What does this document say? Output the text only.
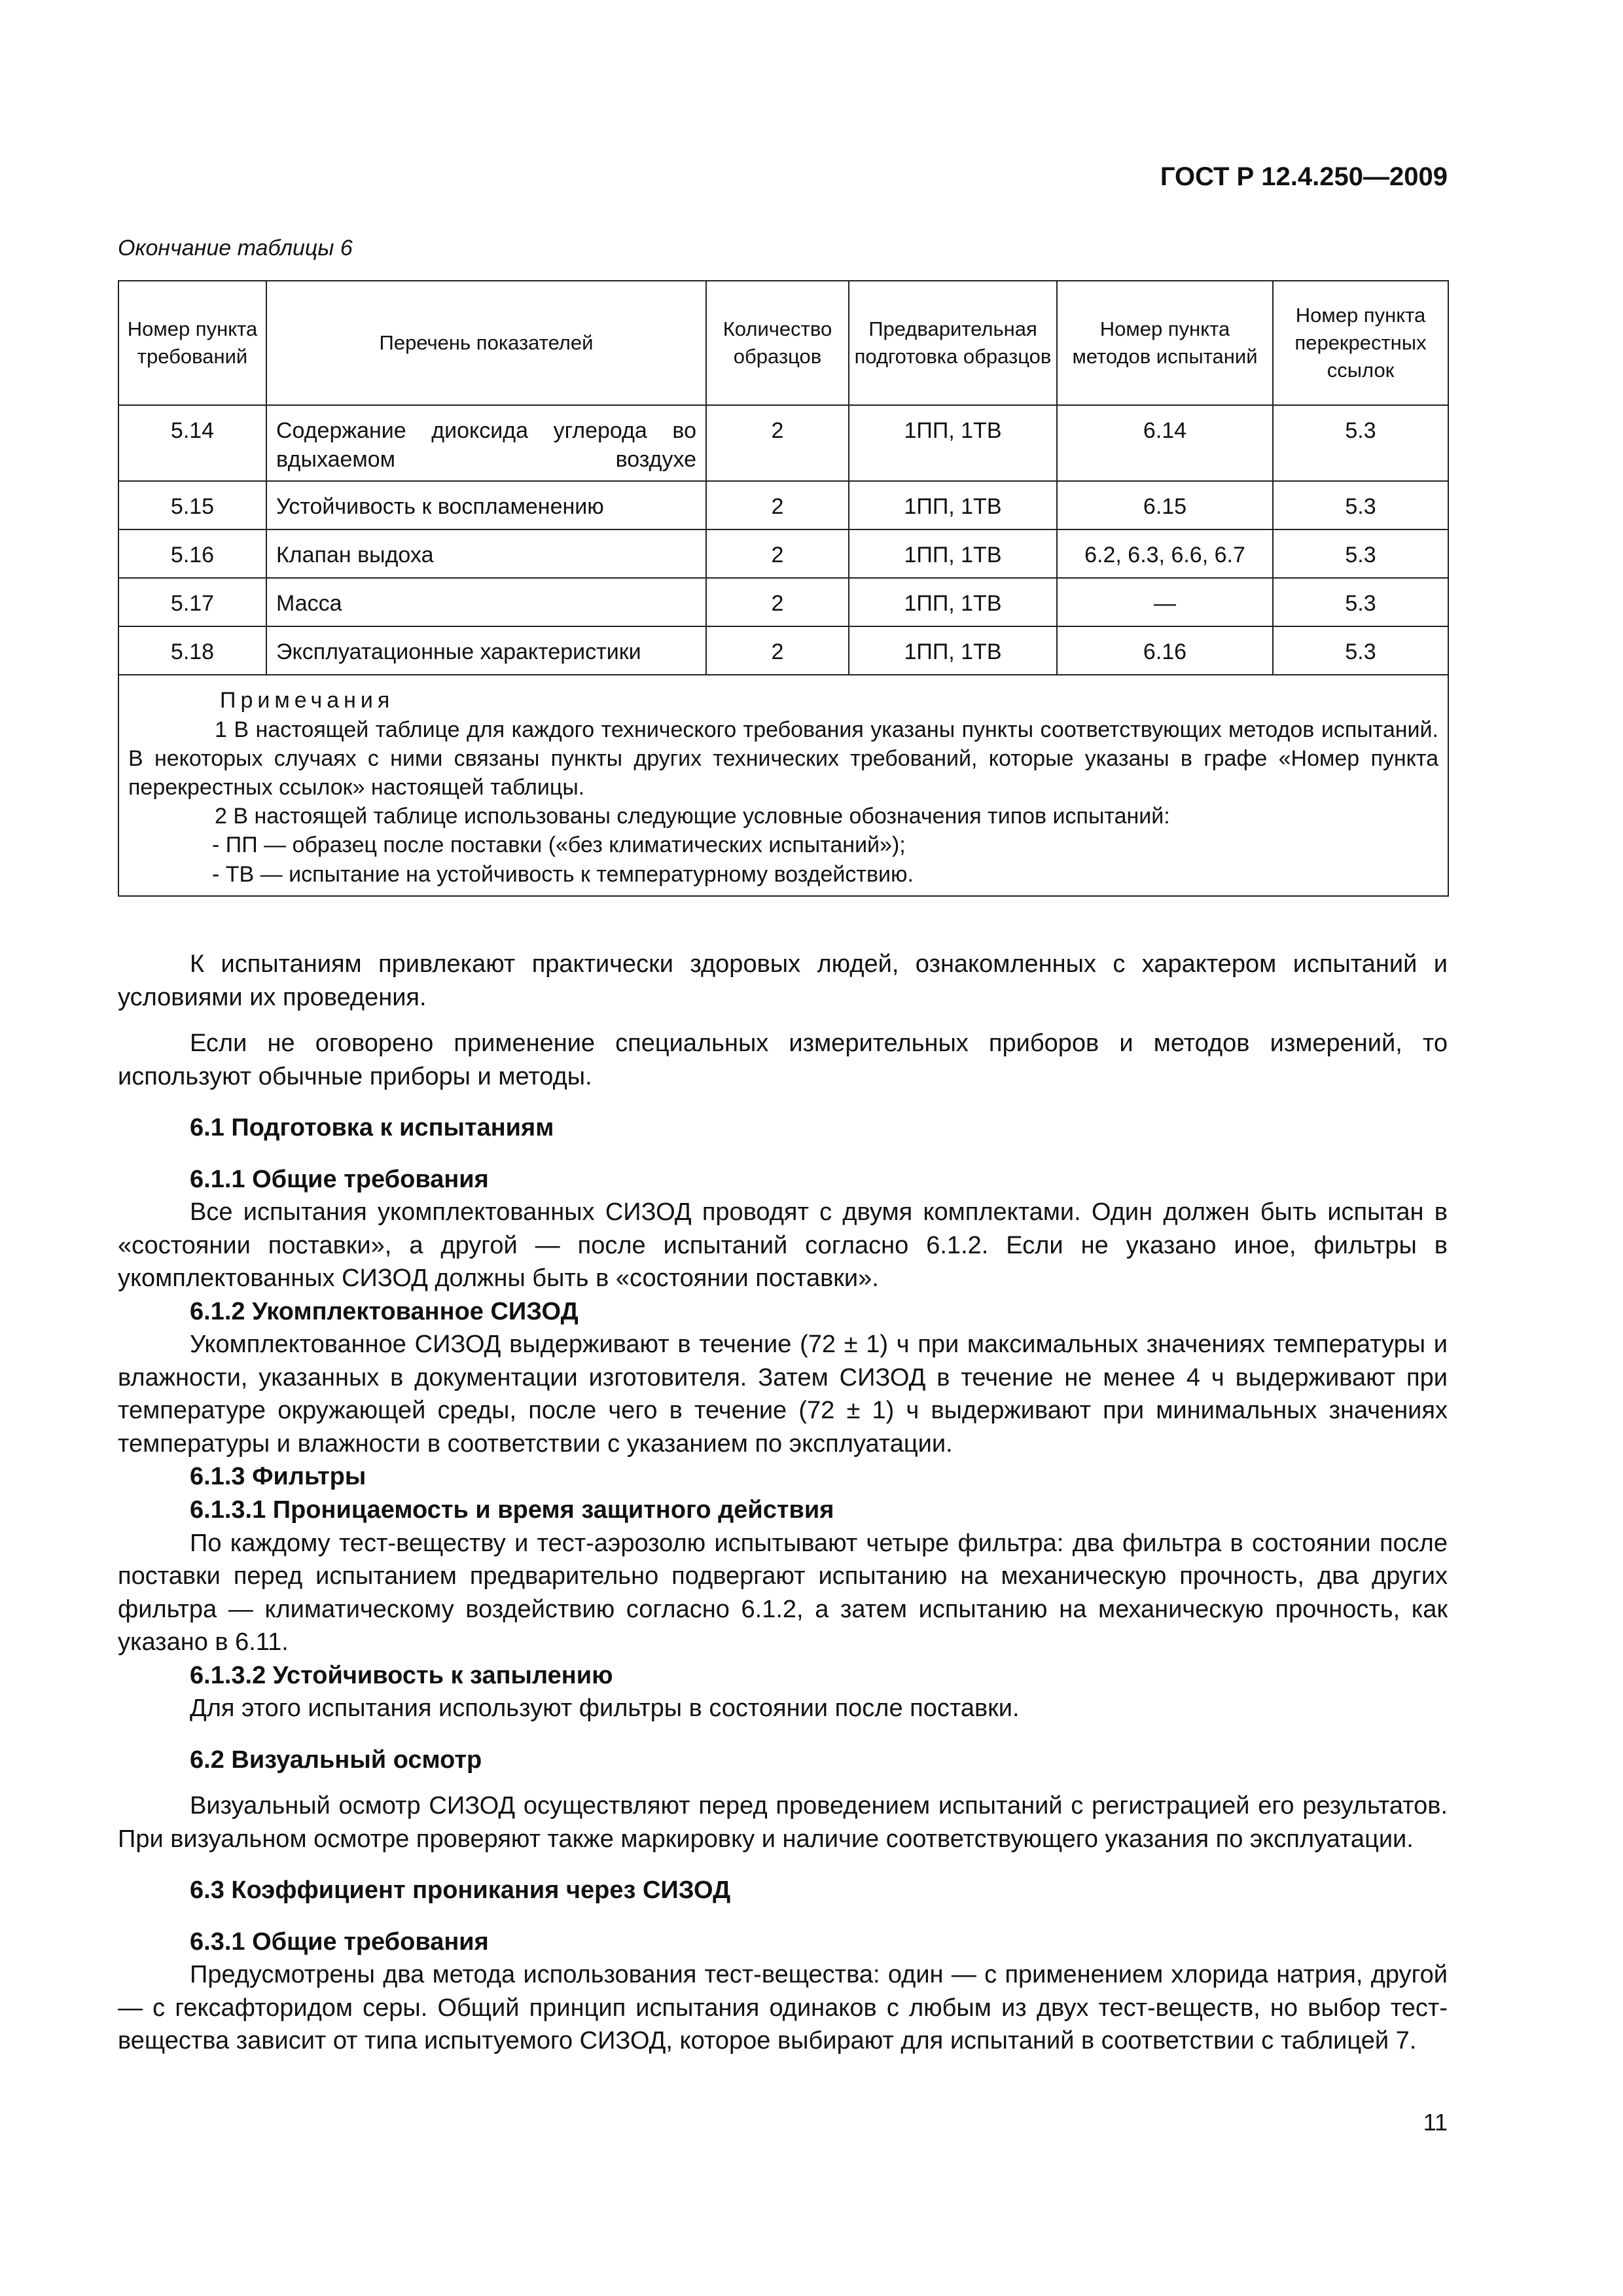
ГОСТ Р 12.4.250—2009
Окончание таблицы 6
Номер пункта требований	Перечень показателей	Количество образцов	Предварительная подготовка образцов	Номер пункта методов испытаний	Номер пункта перекрестных ссылок
5.14	Содержание диоксида углерода во вдыхаемом воздухе	2	1ПП, 1ТВ	6.14	5.3
5.15	Устойчивость к воспламенению	2	1ПП, 1ТВ	6.15	5.3
5.16	Клапан выдоха	2	1ПП, 1ТВ	6.2, 6.3, 6.6, 6.7	5.3
5.17	Масса	2	1ПП, 1ТВ	—	5.3
5.18	Эксплуатационные характеристики	2	1ПП, 1ТВ	6.16	5.3

Примечания
1 В настоящей таблице для каждого технического требования указаны пункты соответствующих методов испытаний. В некоторых случаях с ними связаны пункты других технических требований, которые указаны в графе «Номер пункта перекрестных ссылок» настоящей таблицы.
2 В настоящей таблице использованы следующие условные обозначения типов испытаний:
- ПП — образец после поставки («без климатических испытаний»);
- ТВ — испытание на устойчивость к температурному воздействию.					

К испытаниям привлекают практически здоровых людей, ознакомленных с характером испытаний и условиями их проведения.

Если не оговорено применение специальных измерительных приборов и методов измерений, то используют обычные приборы и методы.

6.1 Подготовка к испытаниям
6.1.1 Общие требования

Все испытания укомплектованных СИЗОД проводят с двумя комплектами. Один должен быть испытан в «состоянии поставки», а другой — после испытаний согласно 6.1.2. Если не указано иное, фильтры в укомплектованных СИЗОД должны быть в «состоянии поставки».

6.1.2 Укомплектованное СИЗОД

Укомплектованное СИЗОД выдерживают в течение (72 ± 1) ч при максимальных значениях температуры и влажности, указанных в документации изготовителя. Затем СИЗОД в течение не менее 4 ч выдерживают при температуре окружающей среды, после чего в течение (72 ± 1) ч выдерживают при минимальных значениях температуры и влажности в соответствии с указанием по эксплуатации.

6.1.3 Фильтры
6.1.3.1 Проницаемость и время защитного действия

По каждому тест-веществу и тест-аэрозолю испытывают четыре фильтра: два фильтра в состоянии после поставки перед испытанием предварительно подвергают испытанию на механическую прочность, два других фильтра — климатическому воздействию согласно 6.1.2, а затем испытанию на механическую прочность, как указано в 6.11.

6.1.3.2 Устойчивость к запылению

Для этого испытания используют фильтры в состоянии после поставки.

6.2 Визуальный осмотр

Визуальный осмотр СИЗОД осуществляют перед проведением испытаний с регистрацией его результатов. При визуальном осмотре проверяют также маркировку и наличие соответствующего указания по эксплуатации.

6.3 Коэффициент проникания через СИЗОД
6.3.1 Общие требования

Предусмотрены два метода использования тест-вещества: один — с применением хлорида натрия, другой — с гексафторидом серы. Общий принцип испытания одинаков с любым из двух тест-веществ, но выбор тест-вещества зависит от типа испытуемого СИЗОД, которое выбирают для испытаний в соответствии с таблицей 7.

11
